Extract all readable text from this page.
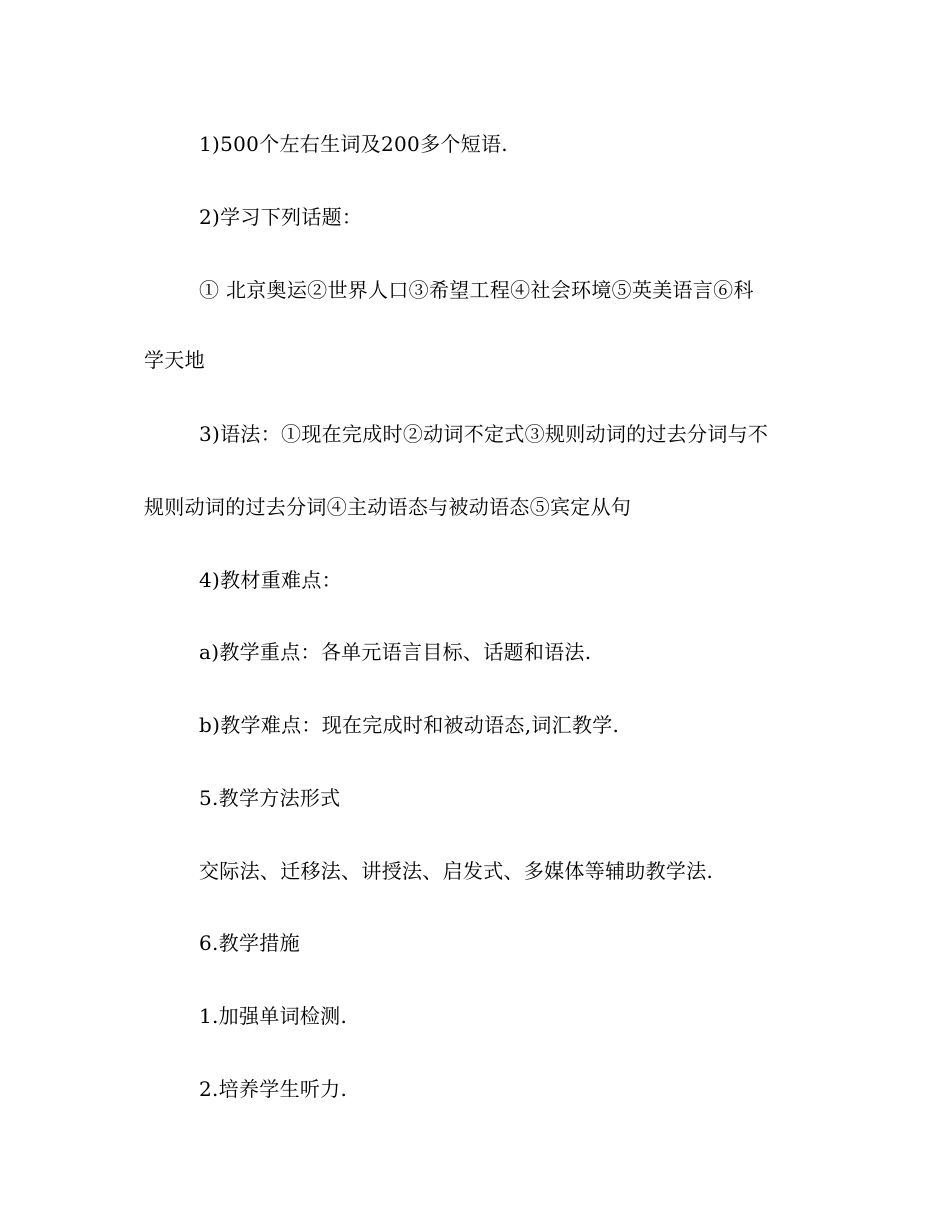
1)500个左右生词及200多个短语.
2)学习下列话题：
① 北京奥运②世界人口③希望工程④社会环境⑤英美语言⑥科
学天地
3)语法：①现在完成时②动词不定式③规则动词的过去分词与不
规则动词的过去分词④主动语态与被动语态⑤宾定从句
4)教材重难点：
a)教学重点：各单元语言目标、话题和语法.
b)教学难点：现在完成时和被动语态,词汇教学.
5.教学方法形式
交际法、迁移法、讲授法、启发式、多媒体等辅助教学法.
6.教学措施
1.加强单词检测.
2.培养学生听力.
